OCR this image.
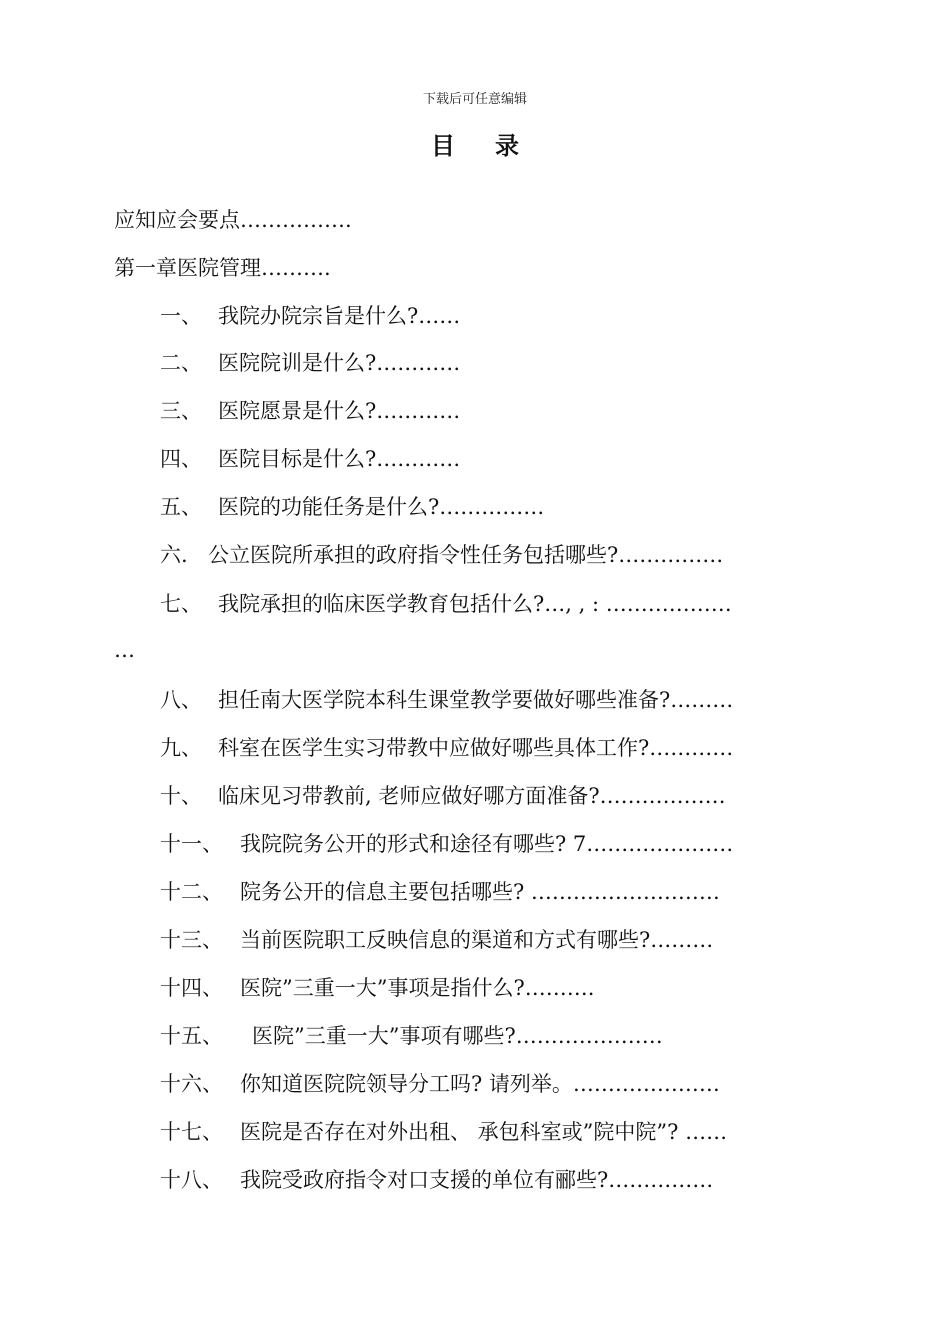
下载后可任意编辑
目录
应知应会要点…………….
第一章医院管理……….
一、 我院办院宗旨是什么?……
二、 医院院训是什么?…………
三、 医院愿景是什么?…………
四、 医院目标是什么?…………
五、 医院的功能任务是什么?……………
六. 公立医院所承担的政府指令性任务包括哪些?……………
七、 我院承担的临床医学教育包括什么?…, , : ………………
…
八、 担任南大医学院本科生课堂教学要做好哪些准备?………
九、 科室在医学生实习带教中应做好哪些具体工作?…………
十、 临床见习带教前, 老师应做好哪方面准备?………………
十一、 我院院务公开的形式和途径有哪些? 7…………………
十二、 院务公开的信息主要包括哪些? ………………………
十三、 当前医院职工反映信息的渠道和方式有哪些?………
十四、 医院”三重一大”事项是指什么?……….
十五、 医院”三重一大”事项有哪些?…………………
十六、 你知道医院院领导分工吗? 请列举。…………………
十七、 医院是否存在对外出租、 承包科室或”院中院”? ……
十八、 我院受政府指令对口支援的单位有郦些?……………
